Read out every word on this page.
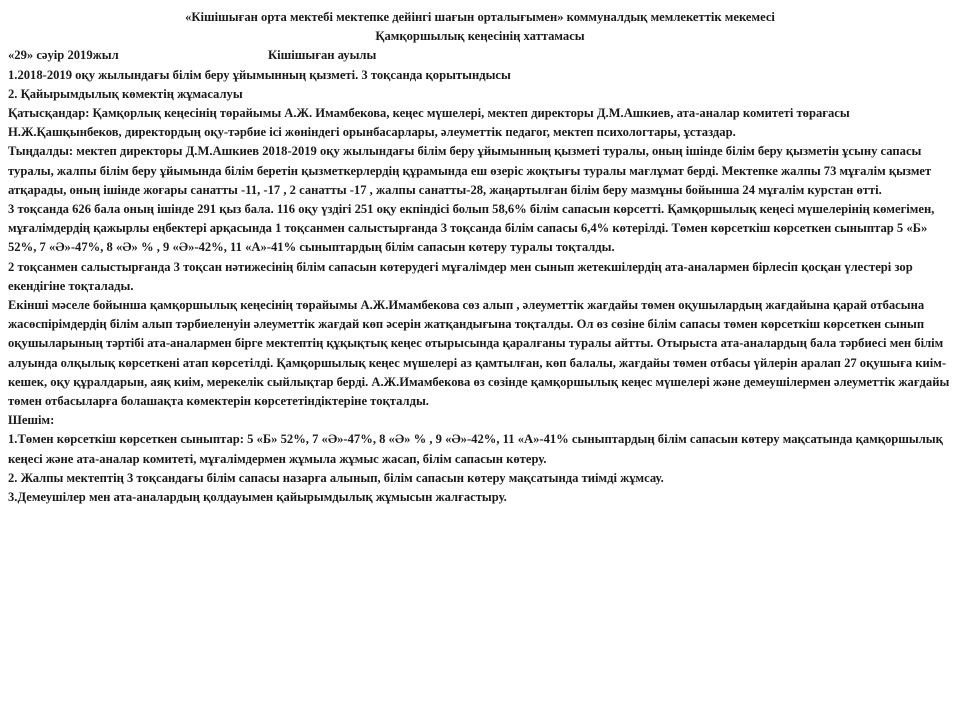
«Кішішыған орта мектебі мектепке дейінгі шағын орталығымен» коммуналдық мемлекеттік мекемесі

Қамқоршылық кеңесінің хаттамасы

«29» сәуір 2019жыл	Кішішыған ауылы

1.2018-2019 оқу жылындағы білім беру ұйымынның қызметі. 3 тоқсанда қорытындысы

2. Қайырымдылық көмектің жұмасалуы

Қатысқандар: Қамқорлық кеңесінің төрайымы А.Ж. Имамбекова, кеңес мүшелері, мектеп директоры Д.М.Ашкиев, ата-аналар комитеті төрағасы Н.Ж.Қашқынбеков, директордың оқу-тәрбие ісі жөніндегі орынбасарлары, әлеуметтік педагог, мектеп психологтары, ұстаздар.

Тыңдалды: мектеп директоры Д.М.Ашкиев 2018-2019 оқу жылындағы білім беру ұйымынның қызметі туралы, оның ішінде білім беру қызметін ұсыну сапасы туралы, жалпы білім беру ұйымында білім беретін қызметкерлердің құрамында еш өзеріс жоқтығы туралы мағлұмат берді. Мектепке жалпы 73 мұғалім қызмет атқарады, оның ішінде жоғары санатты -11, -17 , 2 санатты -17 , жалпы санатты-28, жаңартылған білім беру мазмұны бойынша 24 мұғалім курстан өтті.

3 тоқсанда 626 бала оның ішінде 291 қыз бала. 116 оқу үздігі 251 оқу екпіндісі болып 58,6% білім сапасын көрсетті. Қамқоршылық кеңесі мүшелерінің көмегімен, мұғалімдердің қажырлы еңбектері арқасында 1 тоқсанмен салыстырғанда 3 тоқсанда білім сапасы 6,4% көтерілді. Төмен көрсеткіш көрсеткен сыныптар 5 «Б» 52%, 7 «Ә»-47%, 8 «Ә» % , 9 «Ә»-42%, 11 «А»-41% сыныптардың білім сапасын көтеру туралы тоқталды.

2 тоқсанмен салыстырғанда 3 тоқсан нәтижесінің білім сапасын көтерудегі мұғалімдер мен сынып жетекшілердің ата-аналармен бірлесіп қосқан үлестері зор екендігіне тоқталады.

Екінші мәселе бойынша қамқоршылық кеңесінің төрайымы А.Ж.Имамбекова сөз алып , әлеуметтік жағдайы төмен оқушылардың жағдайына қарай отбасына жасөспірімдердің білім алып тәрбиеленуін әлеуметтік жағдай көп әсерін жатқандығына тоқталды. Ол өз сөзіне білім сапасы төмен көрсеткіш көрсеткен сынып оқушыларының тәртібі ата-аналармен бірге мектептің құқықтық кеңес отырысында қаралғаны туралы айтты. Отырыста ата-аналардың бала тәрбиесі мен білім алуында олқылық көрсеткені атап көрсетілді. Қамқоршылық кеңес мүшелері аз қамтылған, көп балалы, жағдайы төмен отбасы үйлерін аралап 27 оқушыға киім-кешек, оқу құралдарын, аяқ киім, мерекелік сыйлықтар берді. А.Ж.Имамбекова өз сөзінде қамқоршылық кеңес мүшелері және демеушілермен әлеуметтік жағдайы төмен отбасыларға болашақта көмектерін көрсететіндіктеріне тоқталды.

Шешім:

1.Төмен көрсеткіш көрсеткен сыныптар: 5 «Б» 52%, 7 «Ә»-47%, 8 «Ә» % , 9 «Ә»-42%, 11 «А»-41% сыныптардың білім сапасын көтеру мақсатында қамқоршылық кеңесі және ата-аналар комитеті, мұғалімдермен жұмыла жұмыс жасап, білім сапасын көтеру.

2. Жалпы мектептің 3 тоқсандағы білім сапасы назарға алынып, білім сапасын көтеру мақсатында тиімді жұмсау.

3.Демеушілер мен ата-аналардың қолдауымен қайырымдылық жұмысын жалғастыру.
